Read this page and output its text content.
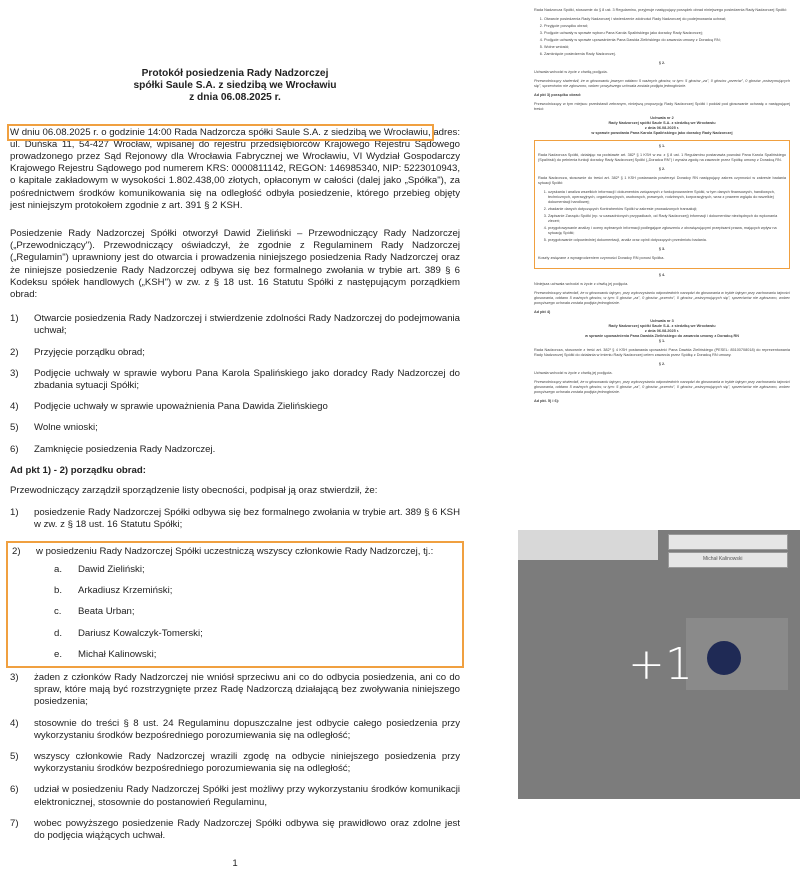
Protokół posiedzenia Rady Nadzorczej
spółki Saule S.A. z siedzibą we Wrocławiu
z dnia 06.08.2025 r.
W dniu 06.08.2025 r. o godzinie 14:00 Rada Nadzorcza spółki Saule S.A. z siedzibą we Wrocławiu, adres: ul. Duńska 11, 54-427 Wrocław, wpisanej do rejestru przedsiębiorców Krajowego Rejestru Sądowego prowadzonego przez Sąd Rejonowy dla Wrocławia Fabrycznej we Wrocławiu, VI Wydział Gospodarczy Krajowego Rejestru Sądowego pod numerem KRS: 0000811142, REGON: 146985340, NIP: 5223010943, o kapitale zakładowym w wysokości 1.802.438,00 złotych, opłaconym w całości (dalej jako „Spółka"), za pośrednictwem środków komunikowania się na odległość odbyła posiedzenie, którego przebieg objęty jest niniejszym protokołem zgodnie z art. 391 § 2 KSH.
Posiedzenie Rady Nadzorczej Spółki otworzył Dawid Zieliński – Przewodniczący Rady Nadzorczej („Przewodniczący"). Przewodniczący oświadczył, że zgodnie z Regulaminem Rady Nadzorczej („Regulamin") uprawniony jest do otwarcia i prowadzenia niniejszego posiedzenia Rady Nadzorczej oraz że niniejsze posiedzenie Rady Nadzorczej odbywa się bez formalnego zwołania w trybie art. 389 § 6 Kodeksu spółek handlowych („KSH") w zw. z § 18 ust. 16 Statutu Spółki z następującym porządkiem obrad:
1) Otwarcie posiedzenia Rady Nadzorczej i stwierdzenie zdolności Rady Nadzorczej do podejmowania uchwał;
2) Przyjęcie porządku obrad;
3) Podjęcie uchwały w sprawie wyboru Pana Karola Spalińskiego jako doradcy Rady Nadzorczej do zbadania sytuacji Spółki;
4) Podjęcie uchwały w sprawie upoważnienia Pana Dawida Zielińskiego
5) Wolne wnioski;
6) Zamknięcie posiedzenia Rady Nadzorczej.
Ad pkt 1) - 2) porządku obrad:
Przewodniczący zarządził sporządzenie listy obecności, podpisał ją oraz stwierdził, że:
1) posiedzenie Rady Nadzorczej Spółki odbywa się bez formalnego zwołania w trybie art. 389 § 6 KSH w zw. z § 18 ust. 16 Statutu Spółki;
2) w posiedzeniu Rady Nadzorczej Spółki uczestniczą wszyscy członkowie Rady Nadzorczej, tj.:
a. Dawid Zieliński;
b. Arkadiusz Krzemiński;
c. Beata Urban;
d. Dariusz Kowalczyk-Tomerski;
e. Michał Kalinowski;
3) żaden z członków Rady Nadzorczej nie wniósł sprzeciwu ani co do odbycia posiedzenia, ani co do spraw, które mają być rozstrzygnięte przez Radę Nadzorczą działającą bez zwoływania niniejszego posiedzenia;
4) stosownie do treści § 8 ust. 24 Regulaminu dopuszczalne jest odbycie całego posiedzenia przy wykorzystaniu środków bezpośredniego porozumiewania się na odległość;
5) wszyscy członkowie Rady Nadzorczej wrazili zgodę na odbycie niniejszego posiedzenia przy wykorzystaniu środków bezpośredniego porozumiewania się na odległość;
6) udział w posiedzeniu Rady Nadzorczej Spółki jest możliwy przy wykorzystaniu środków komunikacji elektronicznej, stosownie do postanowień Regulaminu,
7) wobec powyższego posiedzenie Rady Nadzorczej Spółki odbywa się prawidłowo oraz zdolne jest do podjęcia wiążących uchwał.
1

Rada Nadzorcza Spółki, stosownie do § 8 ust. 3 Regulaminu, przyjmuje następujący porządek obrad niniejszego posiedzenia Rady Nadzorczej Spółki:

1. Otwarcie posiedzenia Rady Nadzorczej i stwierdzenie zdolności Rady Nadzorczej do podejmowania uchwał;
2. Przyjęcie porządku obrad;
3. Podjęcie uchwały w sprawie wyboru Pana Karola Spalińskiego jako doradcy Rady Nadzorczej;
4. Podjęcie uchwały w sprawie upoważnienia Pana Dawida Zielińskiego do zawarcia umowy z Doradcą RN;
5. Wolne wnioski;
6. Zamknięcie posiedzenia Rady Nadzorczej.

§ 2.

Uchwała wchodzi w życie z chwilą podjęcia.

Przewodniczący stwierdził, że w głosowaniu jawnym oddano 5 ważnych głosów, w tym: 5 głosów „za", 0 głosów „przeciw", 0 głosów „wstrzymujących się", sprzeciwów nie zgłoszono, wobec powyższego uchwała została podjęta jednogłośnie.

Ad pkt 3) porządku obrad:

Przewodniczący w tym miejscu przedstawił zebranym, niniejszą propozycję Rady Nadzorczej Spółki i poddał pod głosowanie uchwałę o następującej treści:

Uchwała nr 2
Rady Nadzorczej spółki Saule S.A. z siedzibą we Wrocławiu
z dnia 06.08.2025 r.
w sprawie powołania Pana Karola Spalińskiego jako doradcy Rady Nadzorczej

§ 1.

Rada Nadzorcza Spółki, działając na podstawie art. 382¹ § 1 KSH w zw. z § 8 ust. 1 Regulaminu postanawia powołać Pana Karola Spalińskiego (Spaliński) do pełnienia funkcji doradcy Rady Nadzorczej Spółki („Doradca RN") i wyraża zgodę na zawarcie przez Spółkę umowy z Doradcą RN.

§ 2.

Rada Nadzorcza, stosownie do treści art. 382¹ § 1 KSH postanawia powierzyć Doradcy RN następujący zakres czynności w zakresie badania sytuacji Spółki:

1. uzyskania i analiza wszelkich informacji i dokumentów związanych z funkcjonowaniem Spółki, w tym danych finansowych, handlowych, technicznych, operacyjnych, organizacyjnych, osobowych, prawnych, rodzinnych, korporacyjnych, wraz z prawem wglądu do wszelkiej dokumentacji handlowej;
2. zbadanie danych dotyczących Kontrahentów Spółki w zakresie prowadzonych transakcji;
3. Zapisanie Zarządu Spółki (np. w uzasadnionych przypadkach, od Rady Nadzorczej) informacji i dokumentów niezbędnych do wykonania zleceń;
4. przygotowywanie analizy i oceny wybranych informacji podlegające zgłoszeniu z obowiązującymi przepisami prawa, mających wpływ na sytuację Spółki;
5. przygotowanie odpowiedniej dokumentacji, analiz oraz opinii dotyczących przedmiotu badania.

§ 3.

Koszty związane z wynagrodzeniem czynności Doradcy RN ponosi Spółka.

§ 4.

Niniejsza uchwała wchodzi w życie z chwilą jej podjęcia.

Przewodniczący stwierdził, że w głosowaniu tajnym, przy wykorzystaniu odpowiednich narzędzi do głosowania w trybie tajnym przy zachowaniu tajności głosowania, oddano 5 ważnych głosów, w tym: 5 głosów „za", 0 głosów „przeciw", 0 głosów „wstrzymujących się", sprzeciwów nie zgłoszono, wobec powyższego uchwała została podjęta jednogłośnie.

Ad pkt 4)

Uchwała nr 3
Rady Nadzorczej spółki Saule S.A. z siedzibą we Wrocławiu
z dnia 06.08.2025 r.
w sprawie upoważnienia Pana Dawida Zielińskiego do zawarcia umowy z Doradcą RN

§ 1.

Rada Nadzorcza, stosownie z treść art. 382¹ § 4 KSH postanawia upoważnić Pana Dawida Zielińskiego (PESEL: 85100708018) do reprezentowania Rady Nadzorczej Spółki do działania w imieniu Rady Nadzorczej celem zawarcia przez Spółkę z Doradcą RN umowy.

§ 2.

Uchwała wchodzi w życie z chwilą jej podjęcia.

Przewodniczący stwierdził, że w głosowaniu tajnym, przy wykorzystaniu odpowiednich narzędzi do głosowania w trybie tajnym przy zachowaniu tajności głosowania, oddano 5 ważnych głosów, w tym: 5 głosów „za", 0 głosów „przeciw", 0 głosów „wstrzymujących się", sprzeciwów nie zgłoszono, wobec powyższego uchwała została podjęta jednogłośnie.

Ad pkt. 5) i 6):

Michał Kalinowski
+1
